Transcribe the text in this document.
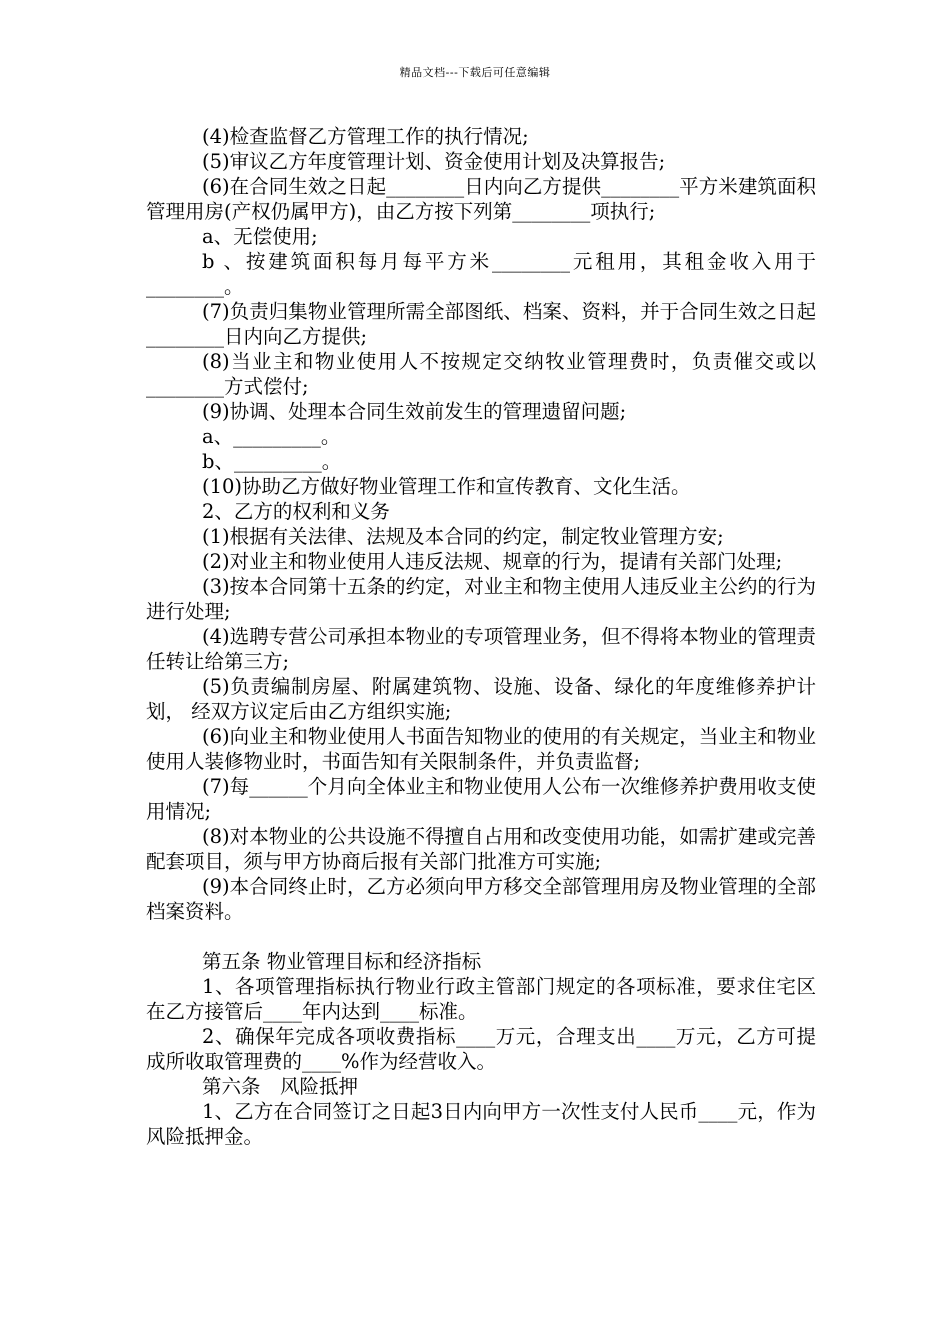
精品文档---下载后可任意编辑

(4)检查监督乙方管理工作的执行情况;

(5)审议乙方年度管理计划、资金使用计划及决算报告;

(6)在合同生效之日起________日内向乙方提供________平方米建筑面积管理用房(产权仍属甲方)，由乙方按下列第________项执行;

a、无偿使用;

b 、按建筑面积每月每平方米________元租用，其租金收入用于________。

(7)负责归集物业管理所需全部图纸、档案、资料，并于合同生效之日起________日内向乙方提供;

(8)当业主和物业使用人不按规定交纳牧业管理费时，负责催交或以________方式偿付;

(9)协调、处理本合同生效前发生的管理遗留问题;

a、_________。

b、_________。

(10)协助乙方做好物业管理工作和宣传教育、文化生活。

2、乙方的权利和义务

(1)根据有关法律、法规及本合同的约定，制定牧业管理方安;

(2)对业主和物业使用人违反法规、规章的行为，提请有关部门处理;

(3)按本合同第十五条的约定，对业主和物主使用人违反业主公约的行为进行处理;

(4)选聘专营公司承担本物业的专项管理业务，但不得将本物业的管理责任转让给第三方;

(5)负责编制房屋、附属建筑物、设施、设备、绿化的年度维修养护计划， 经双方议定后由乙方组织实施;

(6)向业主和物业使用人书面告知物业的使用的有关规定，当业主和物业使用人装修物业时，书面告知有关限制条件，并负责监督;

(7)每______个月向全体业主和物业使用人公布一次维修养护费用收支使用情况;

(8)对本物业的公共设施不得擅自占用和改变使用功能，如需扩建或完善配套项目，须与甲方协商后报有关部门批准方可实施;

(9)本合同终止时，乙方必须向甲方移交全部管理用房及物业管理的全部档案资料。

第五条 物业管理目标和经济指标

1、各项管理指标执行物业行政主管部门规定的各项标准，要求住宅区在乙方接管后____年内达到____标准。

2、确保年完成各项收费指标____万元，合理支出____万元，乙方可提成所收取管理费的____%作为经营收入。

第六条　风险抵押

1、乙方在合同签订之日起3日内向甲方一次性支付人民币____元，作为风险抵押金。
